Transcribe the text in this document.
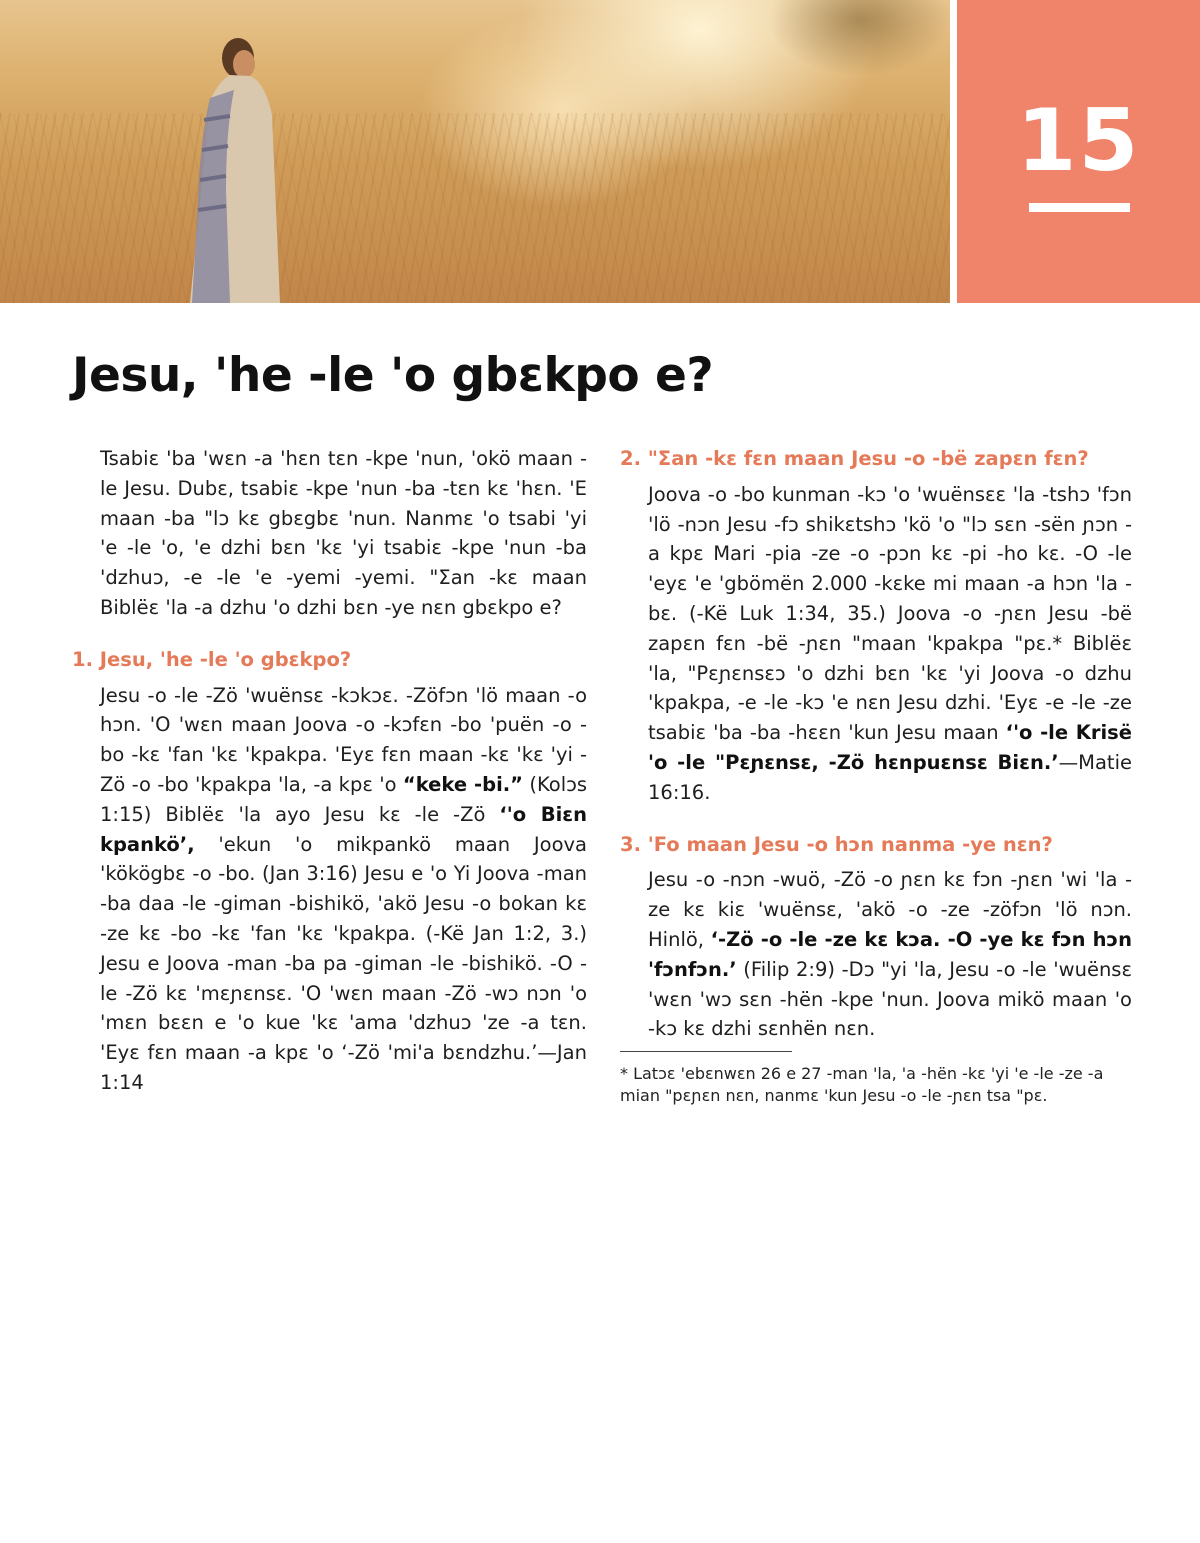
15
Jesu, 'he -le 'o gbɛkpo e?

Tsabiɛ 'ba 'wɛn -a 'hɛn tɛn -kpe 'nun, 'okö maan -le Jesu. Dubɛ, tsabiɛ -kpe 'nun -ba -tɛn kɛ 'hɛn. 'E maan -ba "lɔ kɛ gbɛgbɛ 'nun. Nanmɛ 'o tsabi 'yi 'e -le 'o, 'e dzhi bɛn 'kɛ 'yi tsabiɛ -kpe 'nun -ba 'dzhuɔ, -e -le 'e -yemi -yemi. "Ʃan -kɛ maan Biblëɛ 'la -a dzhu 'o dzhi bɛn -ye nɛn gbɛkpo e?

1. Jesu, 'he -le 'o gbɛkpo?

Jesu -o -le -Zö 'wuënsɛ -kɔkɔɛ. -Zöfɔn 'lö maan -o hɔn. 'O 'wɛn maan Joova -o -kɔfɛn -bo 'puën -o -bo -kɛ 'fan 'kɛ 'kpakpa. 'Eyɛ fɛn maan -kɛ 'kɛ 'yi -Zö -o -bo 'kpakpa 'la, -a kpɛ 'o “keke -bi.” (Kolɔs 1:15) Biblëɛ 'la ayo Jesu kɛ -le -Zö ‘'o Biɛn kpankö’, 'ekun 'o mikpankö maan Joova 'kökögbɛ -o -bo. (Jan 3:16) Jesu e 'o Yi Joova -man -ba daa -le -giman -bishikö, 'akö Jesu -o bokan kɛ -ze kɛ -bo -kɛ 'fan 'kɛ 'kpakpa. (-Kë Jan 1:2, 3.) Jesu e Joova -man -ba pa -giman -le -bishikö. -O -le -Zö kɛ 'mɛɲɛnsɛ. 'O 'wɛn maan -Zö -wɔ nɔn 'o 'mɛn bɛɛn e 'o kue 'kɛ 'ama 'dzhuɔ 'ze -a tɛn. 'Eyɛ fɛn maan -a kpɛ 'o ‘-Zö 'mi'a bɛndzhu.’—Jan 1:14

2. "Ʃan -kɛ fɛn maan Jesu -o -bë zapɛn fɛn?

Joova -o -bo kunman -kɔ 'o 'wuënsɛɛ 'la -tshɔ 'fɔn 'lö -nɔn Jesu -fɔ shikɛtshɔ 'kö 'o "lɔ sɛn -sën ɲɔn -a kpɛ Mari -pia -ze -o -pɔn kɛ -pi -ho kɛ. -O -le 'eyɛ 'e 'gbömën 2.000 -kɛke mi maan -a hɔn 'la -bɛ. (-Kë Luk 1:34, 35.) Joova -o -ɲɛn Jesu -bë zapɛn fɛn -bë -ɲɛn "maan 'kpakpa "pɛ.* Biblëɛ 'la, "Pɛɲɛnsɛɔ 'o dzhi bɛn 'kɛ 'yi Joova -o dzhu 'kpakpa, -e -le -kɔ 'e nɛn Jesu dzhi. 'Eyɛ -e -le -ze tsabiɛ 'ba -ba -hɛɛn 'kun Jesu maan ‘'o -le Krisë 'o -le "Pɛɲɛnsɛ, -Zö hɛnpuɛnsɛ Biɛn.’—Matie 16:16.

3. 'Fo maan Jesu -o hɔn nanma -ye nɛn?

Jesu -o -nɔn -wuö, -Zö -o ɲɛn kɛ fɔn -ɲɛn 'wi 'la -ze kɛ kiɛ 'wuënsɛ, 'akö -o -ze -zöfɔn 'lö nɔn. Hinlö, ‘-Zö -o -le -ze kɛ kɔa. -O -ye kɛ fɔn hɔn 'fɔnfɔn.’ (Filip 2:9) -Dɔ "yi 'la, Jesu -o -le 'wuënsɛ 'wɛn 'wɔ sɛn -hën -kpe 'nun. Joova mikö maan 'o -kɔ kɛ dzhi sɛnhën nɛn.

* Latɔɛ 'ebɛnwɛn 26 e 27 -man 'la, 'a -hën -kɛ 'yi 'e -le -ze -a mian "pɛɲɛn nɛn, nanmɛ 'kun Jesu -o -le -ɲɛn tsa "pɛ.
